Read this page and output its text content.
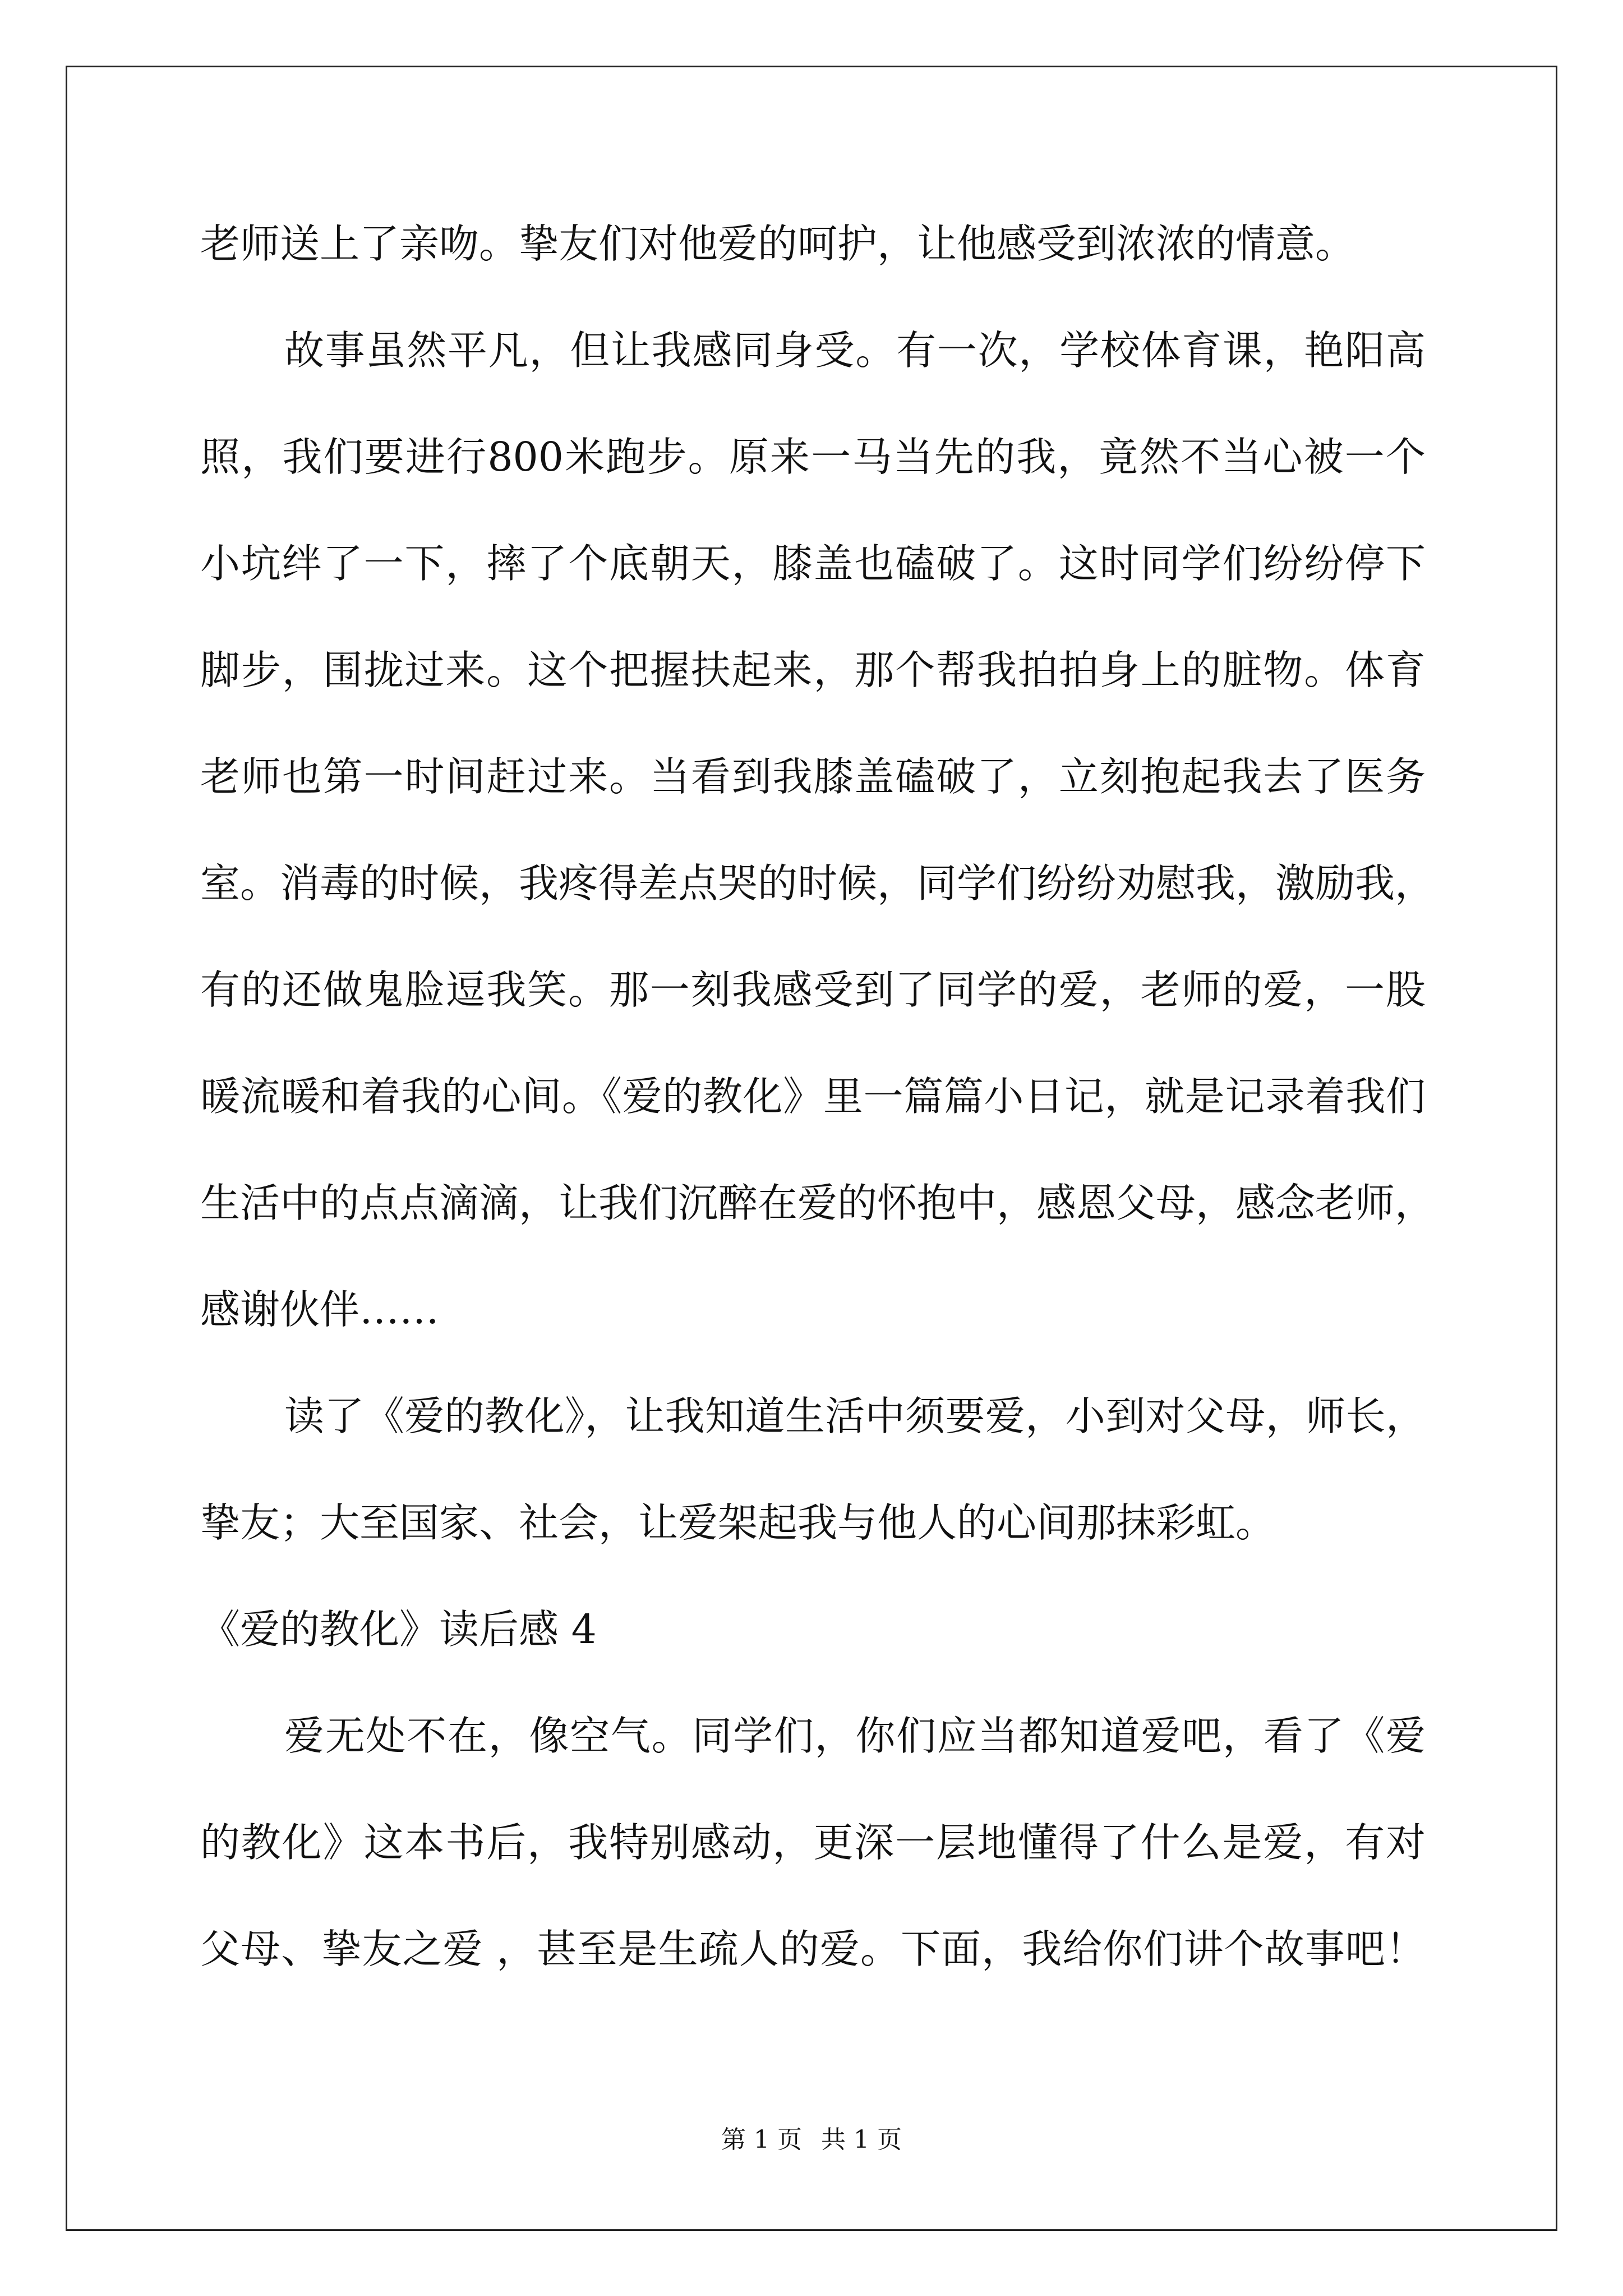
老师送上了亲吻。挚友们对他爱的呵护，让他感受到浓浓的情意。
故事虽然平凡，但让我感同身受。有一次，学校体育课，艳阳高
照，我们要进行800米跑步。原来一马当先的我，竟然不当心被一个
小坑绊了一下，摔了个底朝天，膝盖也磕破了。这时同学们纷纷停下
脚步，围拢过来。这个把握扶起来，那个帮我拍拍身上的脏物。体育
老师也第一时间赶过来。当看到我膝盖磕破了，立刻抱起我去了医务
室。消毒的时候，我疼得差点哭的时候，同学们纷纷劝慰我，激励我，
有的还做鬼脸逗我笑。那一刻我感受到了同学的爱，老师的爱，一股
暖流暖和着我的心间。《爱的教化》里一篇篇小日记，就是记录着我们
生活中的点点滴滴，让我们沉醉在爱的怀抱中，感恩父母，感念老师，
感谢伙伴……
读了《爱的教化》，让我知道生活中须要爱，小到对父母，师长，
挚友；大至国家、社会，让爱架起我与他人的心间那抹彩虹。
《爱的教化》读后感 4
爱无处不在，像空气。同学们，你们应当都知道爱吧，看了《爱
的教化》这本书后，我特别感动，更深一层地懂得了什么是爱，有对
父母、挚友之爱 ，甚至是生疏人的爱。下面，我给你们讲个故事吧！
第 1 页 共 1 页
